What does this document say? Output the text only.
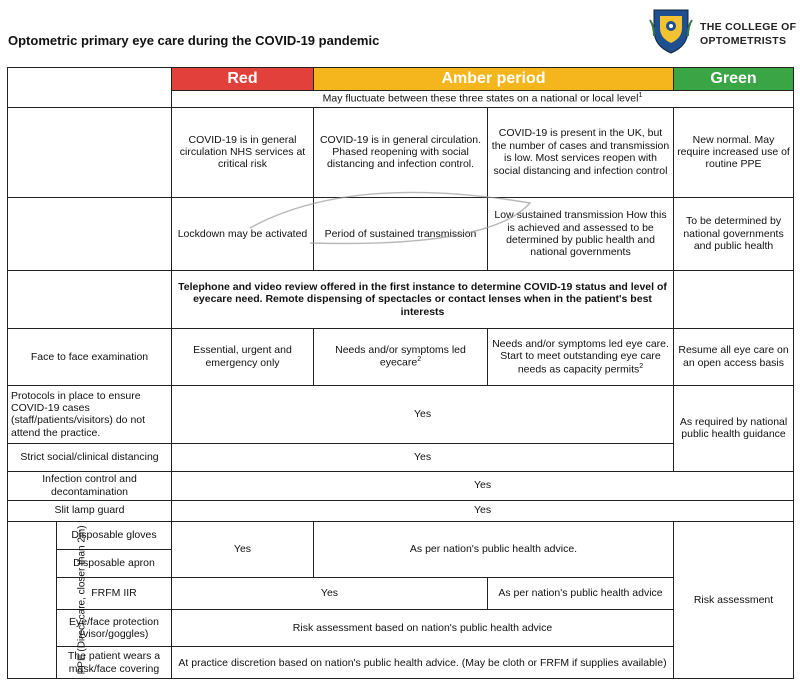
Optometric primary eye care during the COVID-19 pandemic
THE COLLEGE OF
OPTOMETRISTS
		Red	Amber period		Green
		May fluctuate between these three states on a national or local level$^1$
		COVID-19 is in general circulation NHS services at critical risk	COVID-19 is in general circulation. Phased reopening with social distancing and infection control.	COVID-19 is present in the UK, but the number of cases and transmission is low. Most services reopen with social distancing and infection control	New normal. May require increased use of routine PPE
		Lockdown may be activated	Period of sustained transmission	Low sustained transmission How this is achieved and assessed to be determined by public health and national governments	To be determined by national governments and public health
		Telephone and video review offered in the first instance to determine COVID-19 status and level of eyecare need. Remote dispensing of spectacles or contact lenses when in the patient's best interests			
Face to face examination		Essential, urgent and emergency only	Needs and/or symptoms led eyecare$^2$	Needs and/or symptoms led eye care. Start to meet outstanding eye care needs as capacity permits$^2$	Resume all eye care on an open access basis
Protocols in place to ensure COVID-19 cases (staff/patients/visitors) do not attend the practice.		Yes			As required by national public health guidance
Strict social/clinical distancing		Yes			
Infection control and decontamination		Yes			
Slit lamp guard		Yes			
PPE (Direct care, closer than 2m)	Disposable gloves	Yes	As per nation's public health advice.		Risk assessment
	Disposable apron				
	FRFM IIR	Yes		As per nation's public health advice	
	Eye/face protection (visor/goggles)	Risk assessment based on nation's public health advice			
	The patient wears a mask/face covering	At practice discretion based on nation's public health advice. (May be cloth or FRFM if supplies available)			
